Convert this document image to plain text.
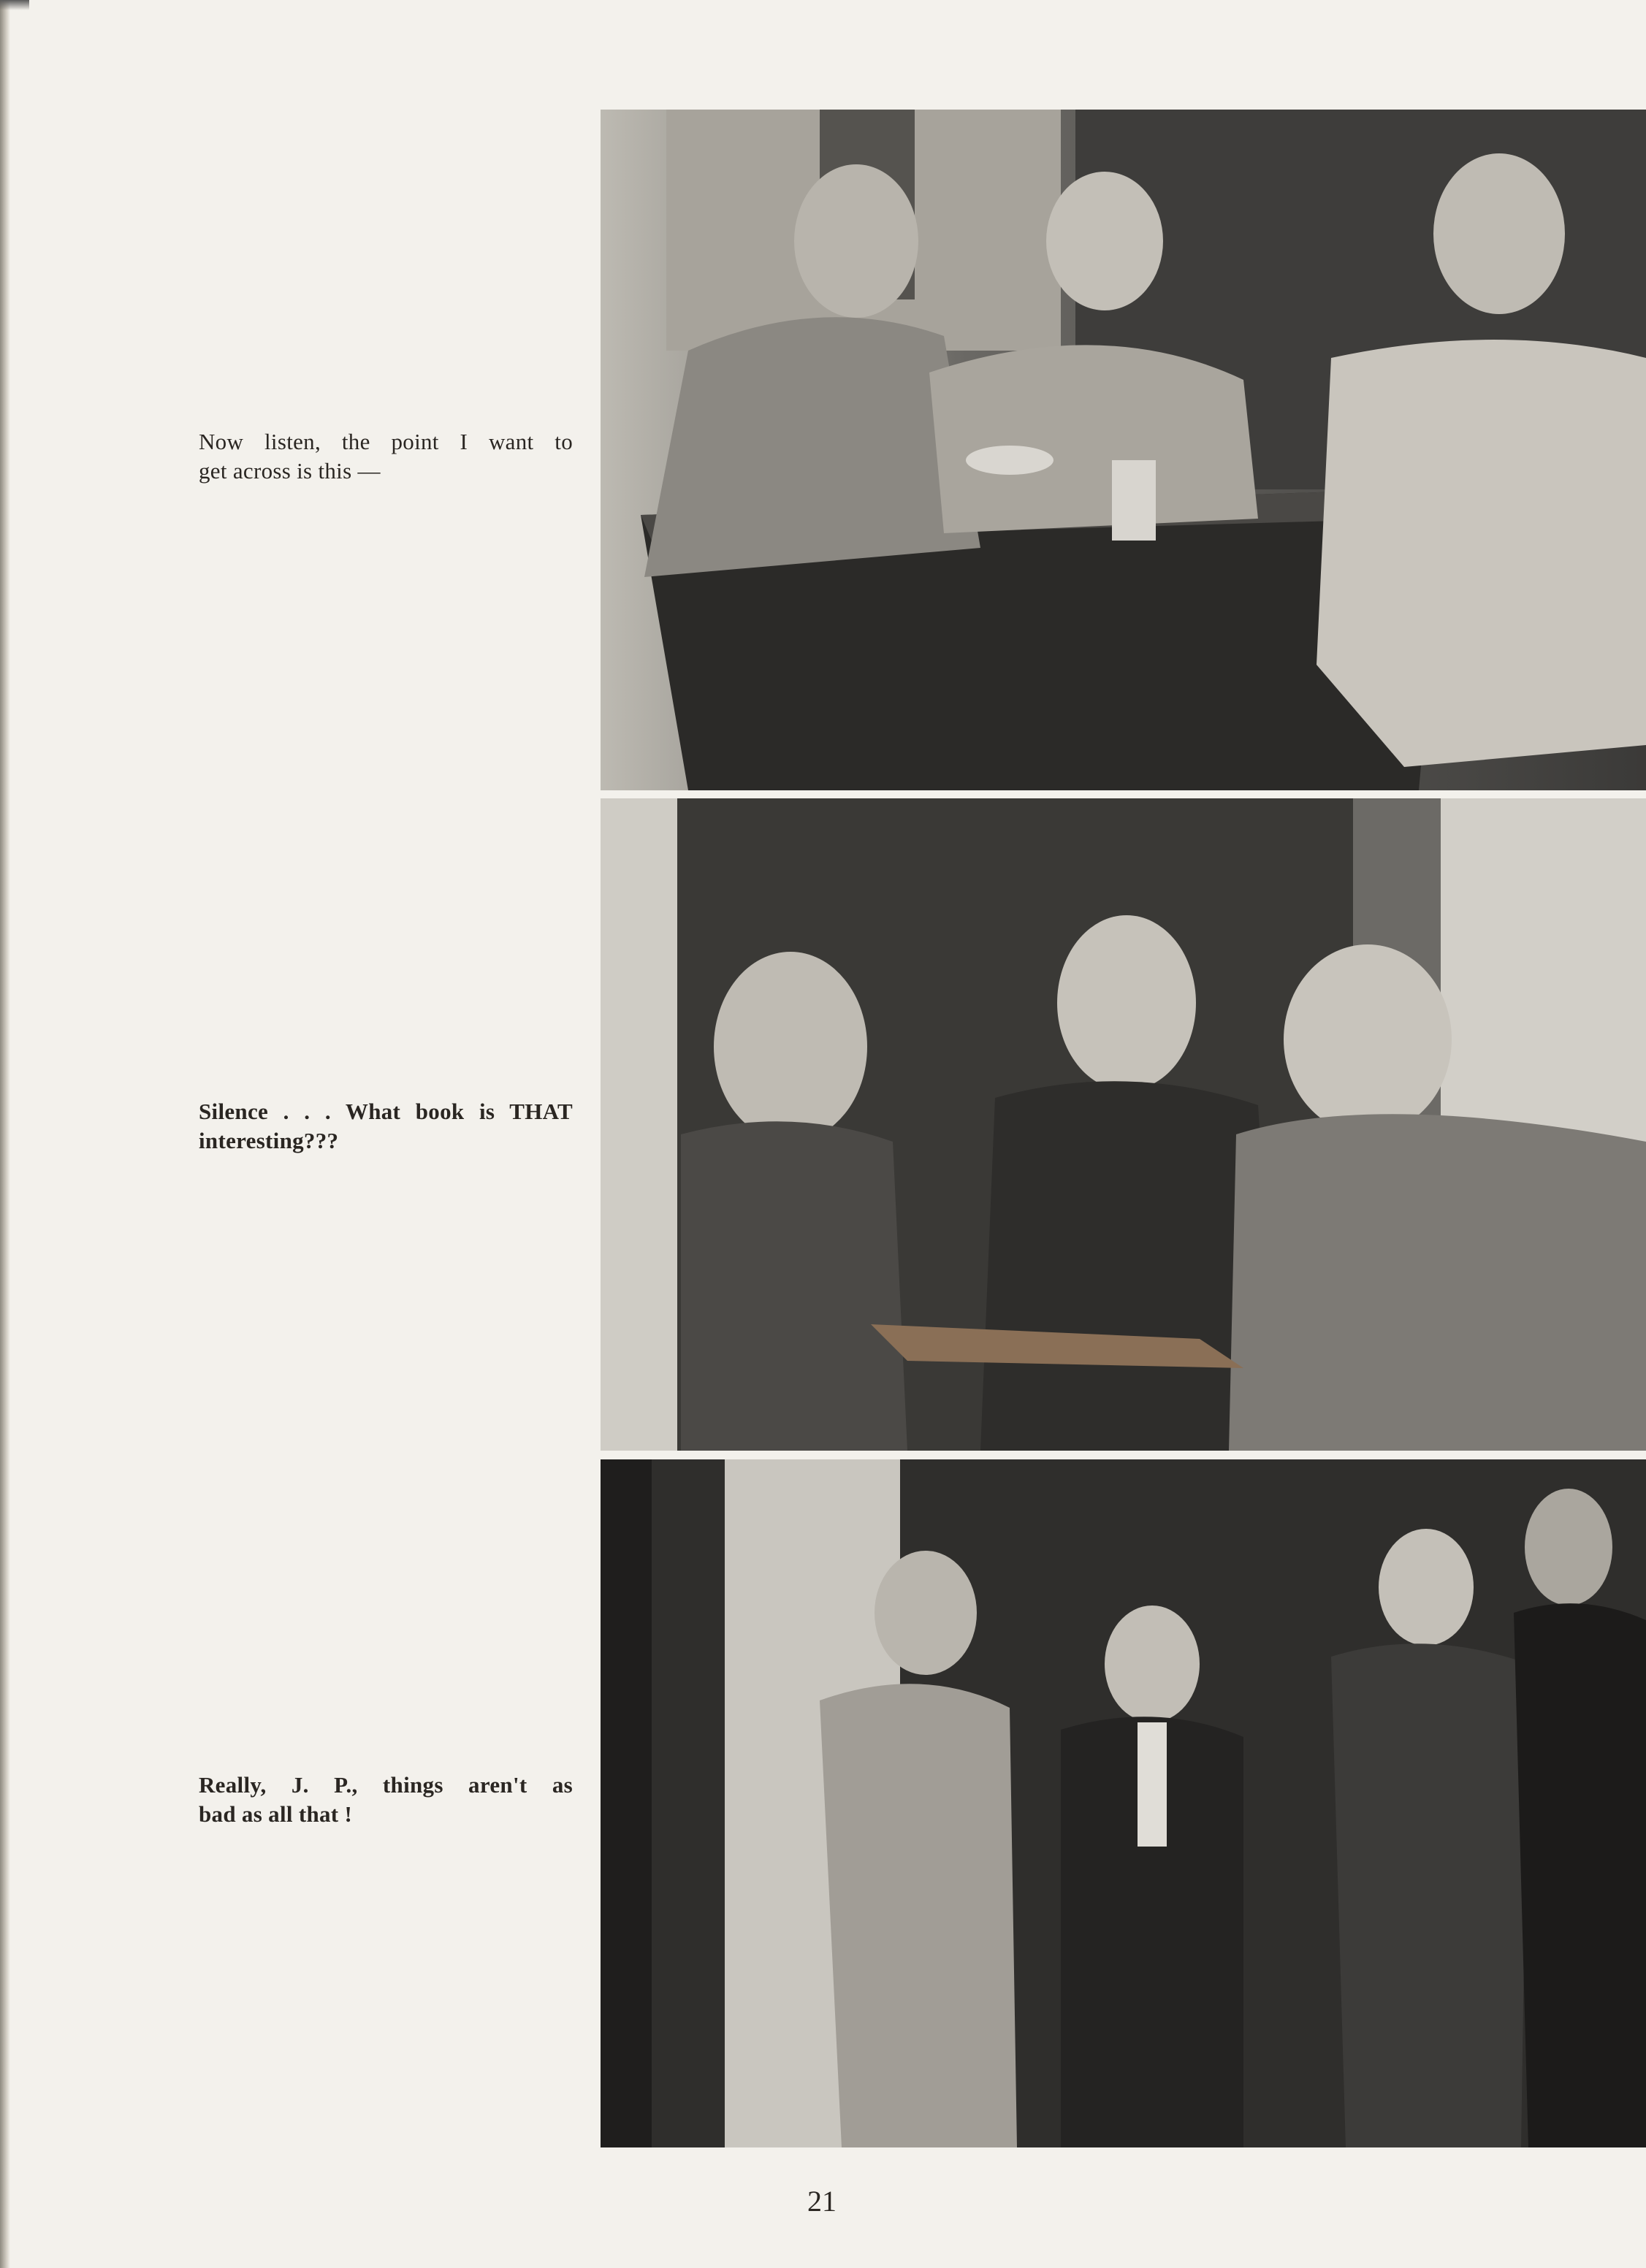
Now listen, the point I want to
get across is this —
Silence . . . What book is THAT
interesting???
Really, J. P., things aren't as
bad as all that !
21
